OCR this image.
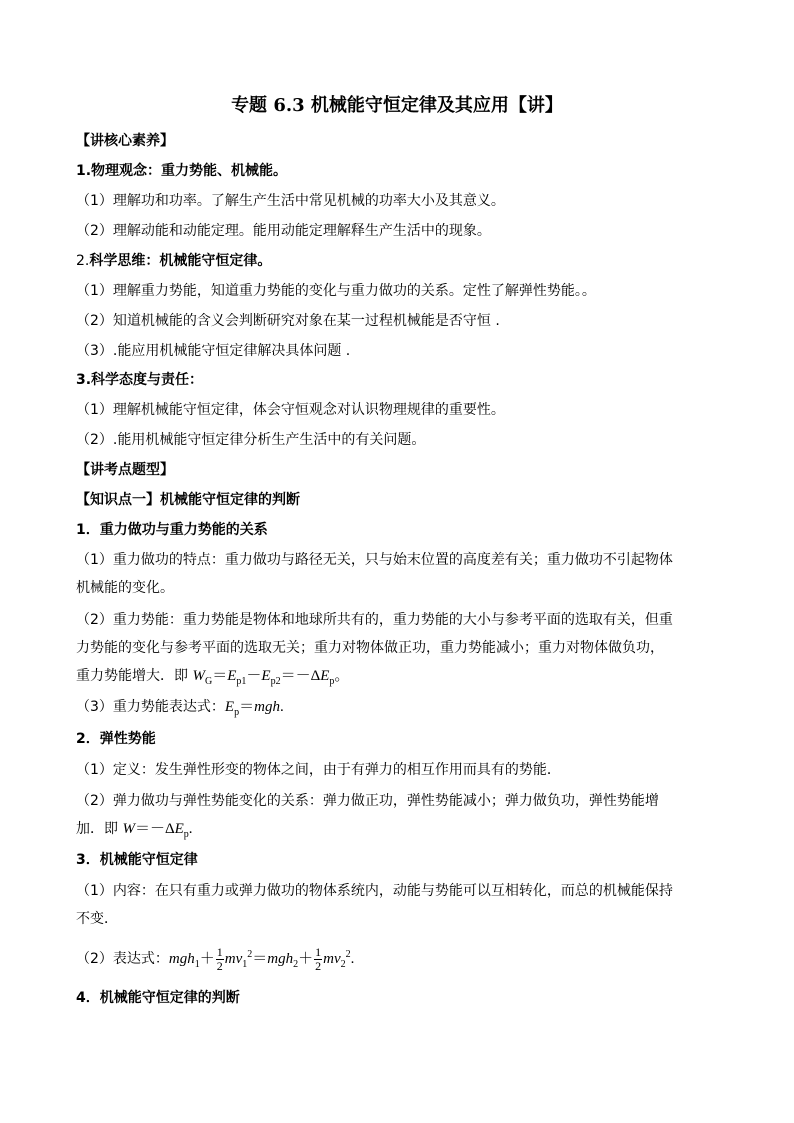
专题 6.3 机械能守恒定律及其应用【讲】
【讲核心素养】
1.物理观念：重力势能、机械能。
（1）理解功和功率。了解生产生活中常见机械的功率大小及其意义。
（2）理解动能和动能定理。能用动能定理解释生产生活中的现象。
2.科学思维：机械能守恒定律。
（1）理解重力势能，知道重力势能的变化与重力做功的关系。定性了解弹性势能。。
（2）知道机械能的含义会判断研究对象在某一过程机械能是否守恒 .
（3）.能应用机械能守恒定律解决具体问题 .
3.科学态度与责任：
（1）理解机械能守恒定律，体会守恒观念对认识物理规律的重要性。
（2）.能用机械能守恒定律分析生产生活中的有关问题。
【讲考点题型】
【知识点一】机械能守恒定律的判断
1．重力做功与重力势能的关系
（1）重力做功的特点：重力做功与路径无关，只与始末位置的高度差有关；重力做功不引起物体
机械能的变化。
（2）重力势能：重力势能是物体和地球所共有的，重力势能的大小与参考平面的选取有关，但重
力势能的变化与参考平面的选取无关；重力对物体做正功，重力势能减小；重力对物体做负功，
重力势能增大．即 $W_G=E_{p1}-E_{p2}=-\Delta E_p$。
（3）重力势能表达式：$E_p=mgh$.
2．弹性势能
（1）定义：发生弹性形变的物体之间，由于有弹力的相互作用而具有的势能．
（2）弹力做功与弹性势能变化的关系：弹力做正功，弹性势能减小；弹力做负功，弹性势能增
加．即 $W=-\Delta E_p$.
3．机械能守恒定律
（1）内容：在只有重力或弹力做功的物体系统内，动能与势能可以互相转化，而总的机械能保持
不变．
（2）表达式：$mgh_1+ \frac{1}{2} mv_1^2=mgh_2+ \frac{1}{2} mv_2^2$.
4．机械能守恒定律的判断
